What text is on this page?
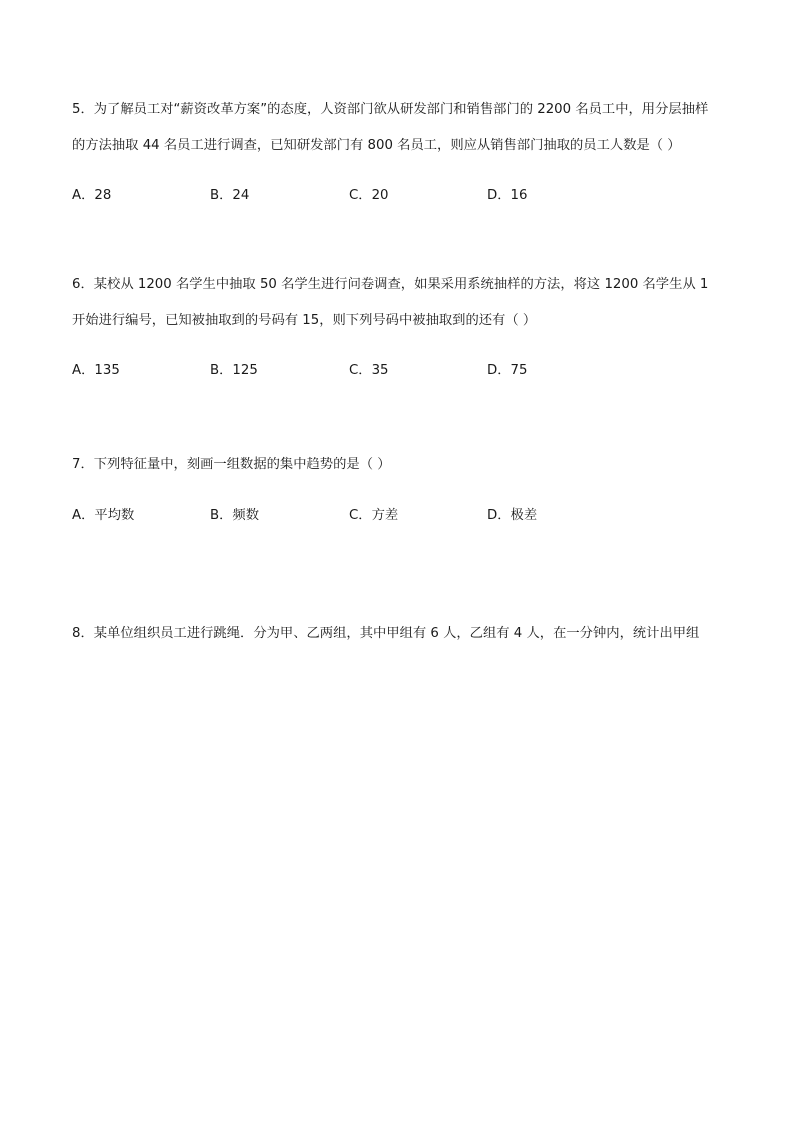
5．为了解员工对“薪资改革方案”的态度，人资部门欲从研发部门和销售部门的 2200 名员工中，用分层抽样
的方法抽取 44 名员工进行调查，已知研发部门有 800 名员工，则应从销售部门抽取的员工人数是（ ）
A．28	B．24	C．20	D．16
6．某校从 1200 名学生中抽取 50 名学生进行问卷调查，如果采用系统抽样的方法，将这 1200 名学生从 1
开始进行编号，已知被抽取到的号码有 15，则下列号码中被抽取到的还有（ ）
A．135	B．125	C．35	D．75
7．下列特征量中，刻画一组数据的集中趋势的是（ ）
A．平均数	B．频数	C．方差	D．极差
8．某单位组织员工进行跳绳．分为甲、乙两组，其中甲组有 6 人，乙组有 4 人，在一分钟内，统计出甲组
